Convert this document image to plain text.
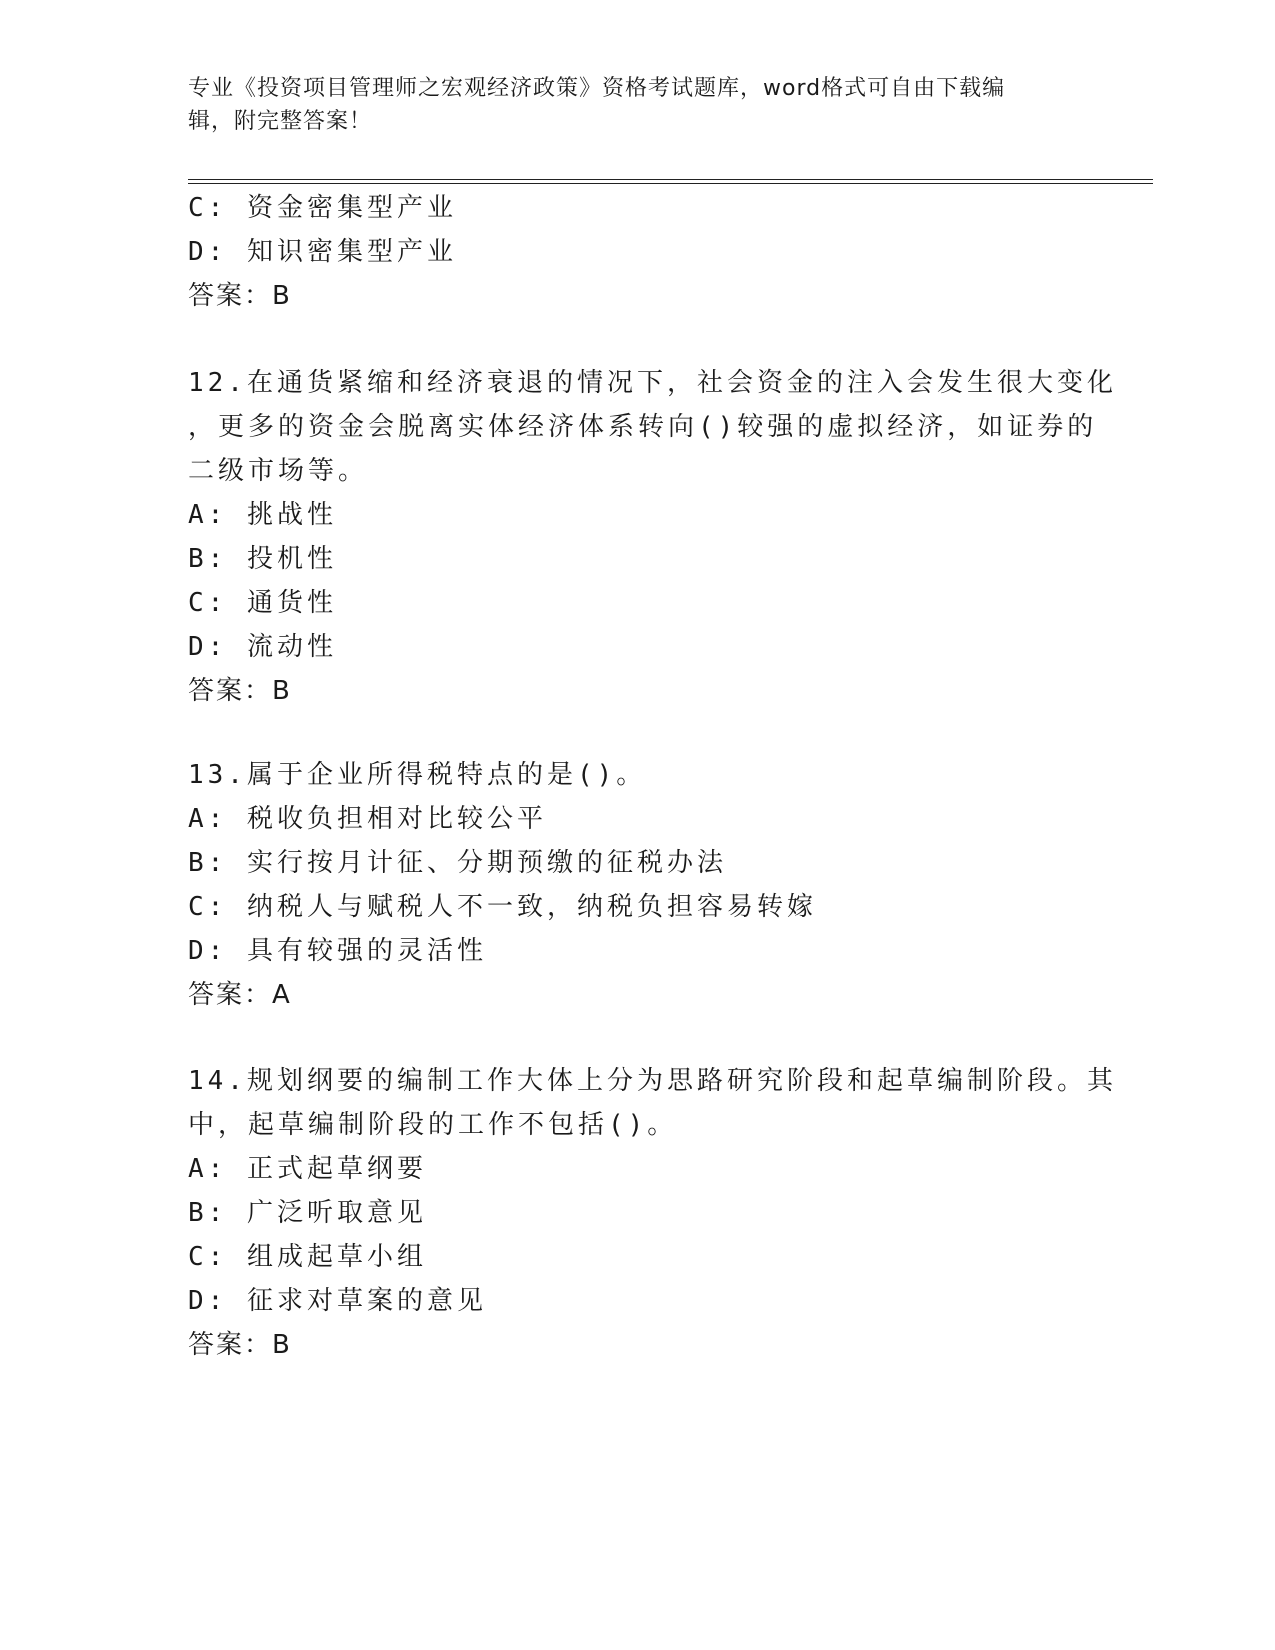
专业《投资项目管理师之宏观经济政策》资格考试题库，word格式可自由下载编
辑，附完整答案！
C: 资金密集型产业
D: 知识密集型产业
答案：B
12.在通货紧缩和经济衰退的情况下，社会资金的注入会发生很大变化
，更多的资金会脱离实体经济体系转向()较强的虚拟经济，如证券的
二级市场等。
A: 挑战性
B: 投机性
C: 通货性
D: 流动性
答案：B
13.属于企业所得税特点的是()。
A: 税收负担相对比较公平
B: 实行按月计征、分期预缴的征税办法
C: 纳税人与赋税人不一致，纳税负担容易转嫁
D: 具有较强的灵活性
答案：A
14.规划纲要的编制工作大体上分为思路研究阶段和起草编制阶段。其
中，起草编制阶段的工作不包括()。
A: 正式起草纲要
B: 广泛听取意见
C: 组成起草小组
D: 征求对草案的意见
答案：B
